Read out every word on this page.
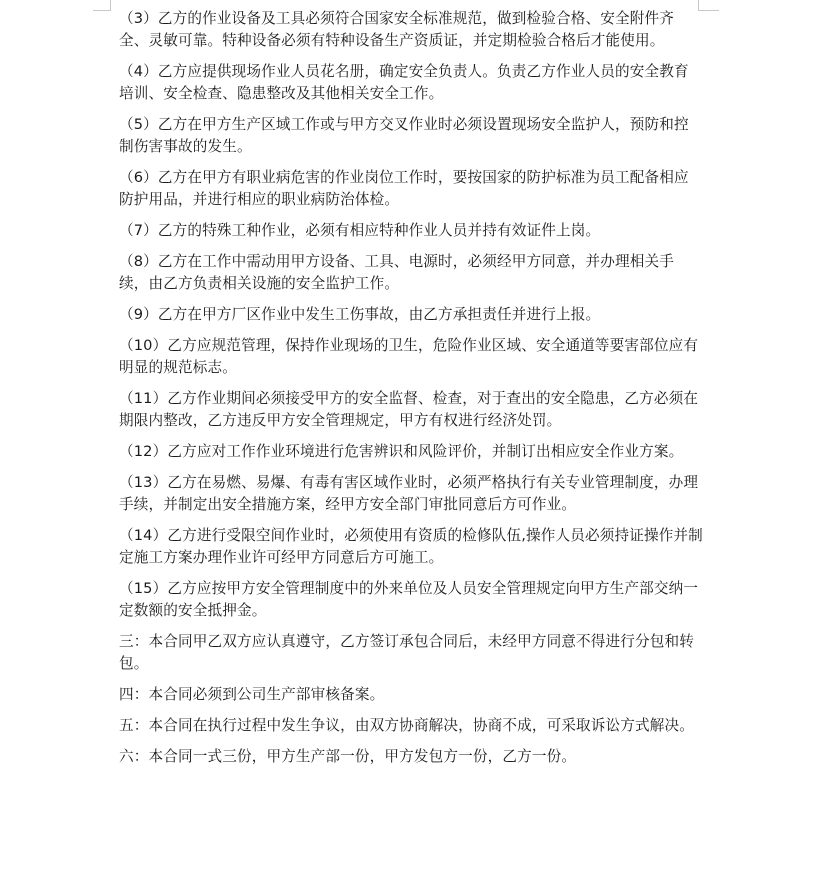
（3）乙方的作业设备及工具必须符合国家安全标准规范，做到检验合格、安全附件齐全、灵敏可靠。特种设备必须有特种设备生产资质证，并定期检验合格后才能使用。

（4）乙方应提供现场作业人员花名册，确定安全负责人。负责乙方作业人员的安全教育培训、安全检查、隐患整改及其他相关安全工作。

（5）乙方在甲方生产区域工作或与甲方交叉作业时必须设置现场安全监护人，预防和控制伤害事故的发生。

（6）乙方在甲方有职业病危害的作业岗位工作时，要按国家的防护标准为员工配备相应防护用品，并进行相应的职业病防治体检。

（7）乙方的特殊工种作业，必须有相应特种作业人员并持有效证件上岗。

（8）乙方在工作中需动用甲方设备、工具、电源时，必须经甲方同意，并办理相关手续，由乙方负责相关设施的安全监护工作。

（9）乙方在甲方厂区作业中发生工伤事故，由乙方承担责任并进行上报。

（10）乙方应规范管理，保持作业现场的卫生，危险作业区域、安全通道等要害部位应有明显的规范标志。

（11）乙方作业期间必须接受甲方的安全监督、检查，对于查出的安全隐患，乙方必须在期限内整改，乙方违反甲方安全管理规定，甲方有权进行经济处罚。

（12）乙方应对工作作业环境进行危害辨识和风险评价，并制订出相应安全作业方案。

（13）乙方在易燃、易爆、有毒有害区域作业时，必须严格执行有关专业管理制度，办理手续，并制定出安全措施方案，经甲方安全部门审批同意后方可作业。

（14）乙方进行受限空间作业时，必须使用有资质的检修队伍,操作人员必须持证操作并制定施工方案办理作业许可经甲方同意后方可施工。

（15）乙方应按甲方安全管理制度中的外来单位及人员安全管理规定向甲方生产部交纳一定数额的安全抵押金。

三：本合同甲乙双方应认真遵守，乙方签订承包合同后，未经甲方同意不得进行分包和转包。

四：本合同必须到公司生产部审核备案。

五：本合同在执行过程中发生争议，由双方协商解决，协商不成，可采取诉讼方式解决。

六：本合同一式三份，甲方生产部一份，甲方发包方一份，乙方一份。
